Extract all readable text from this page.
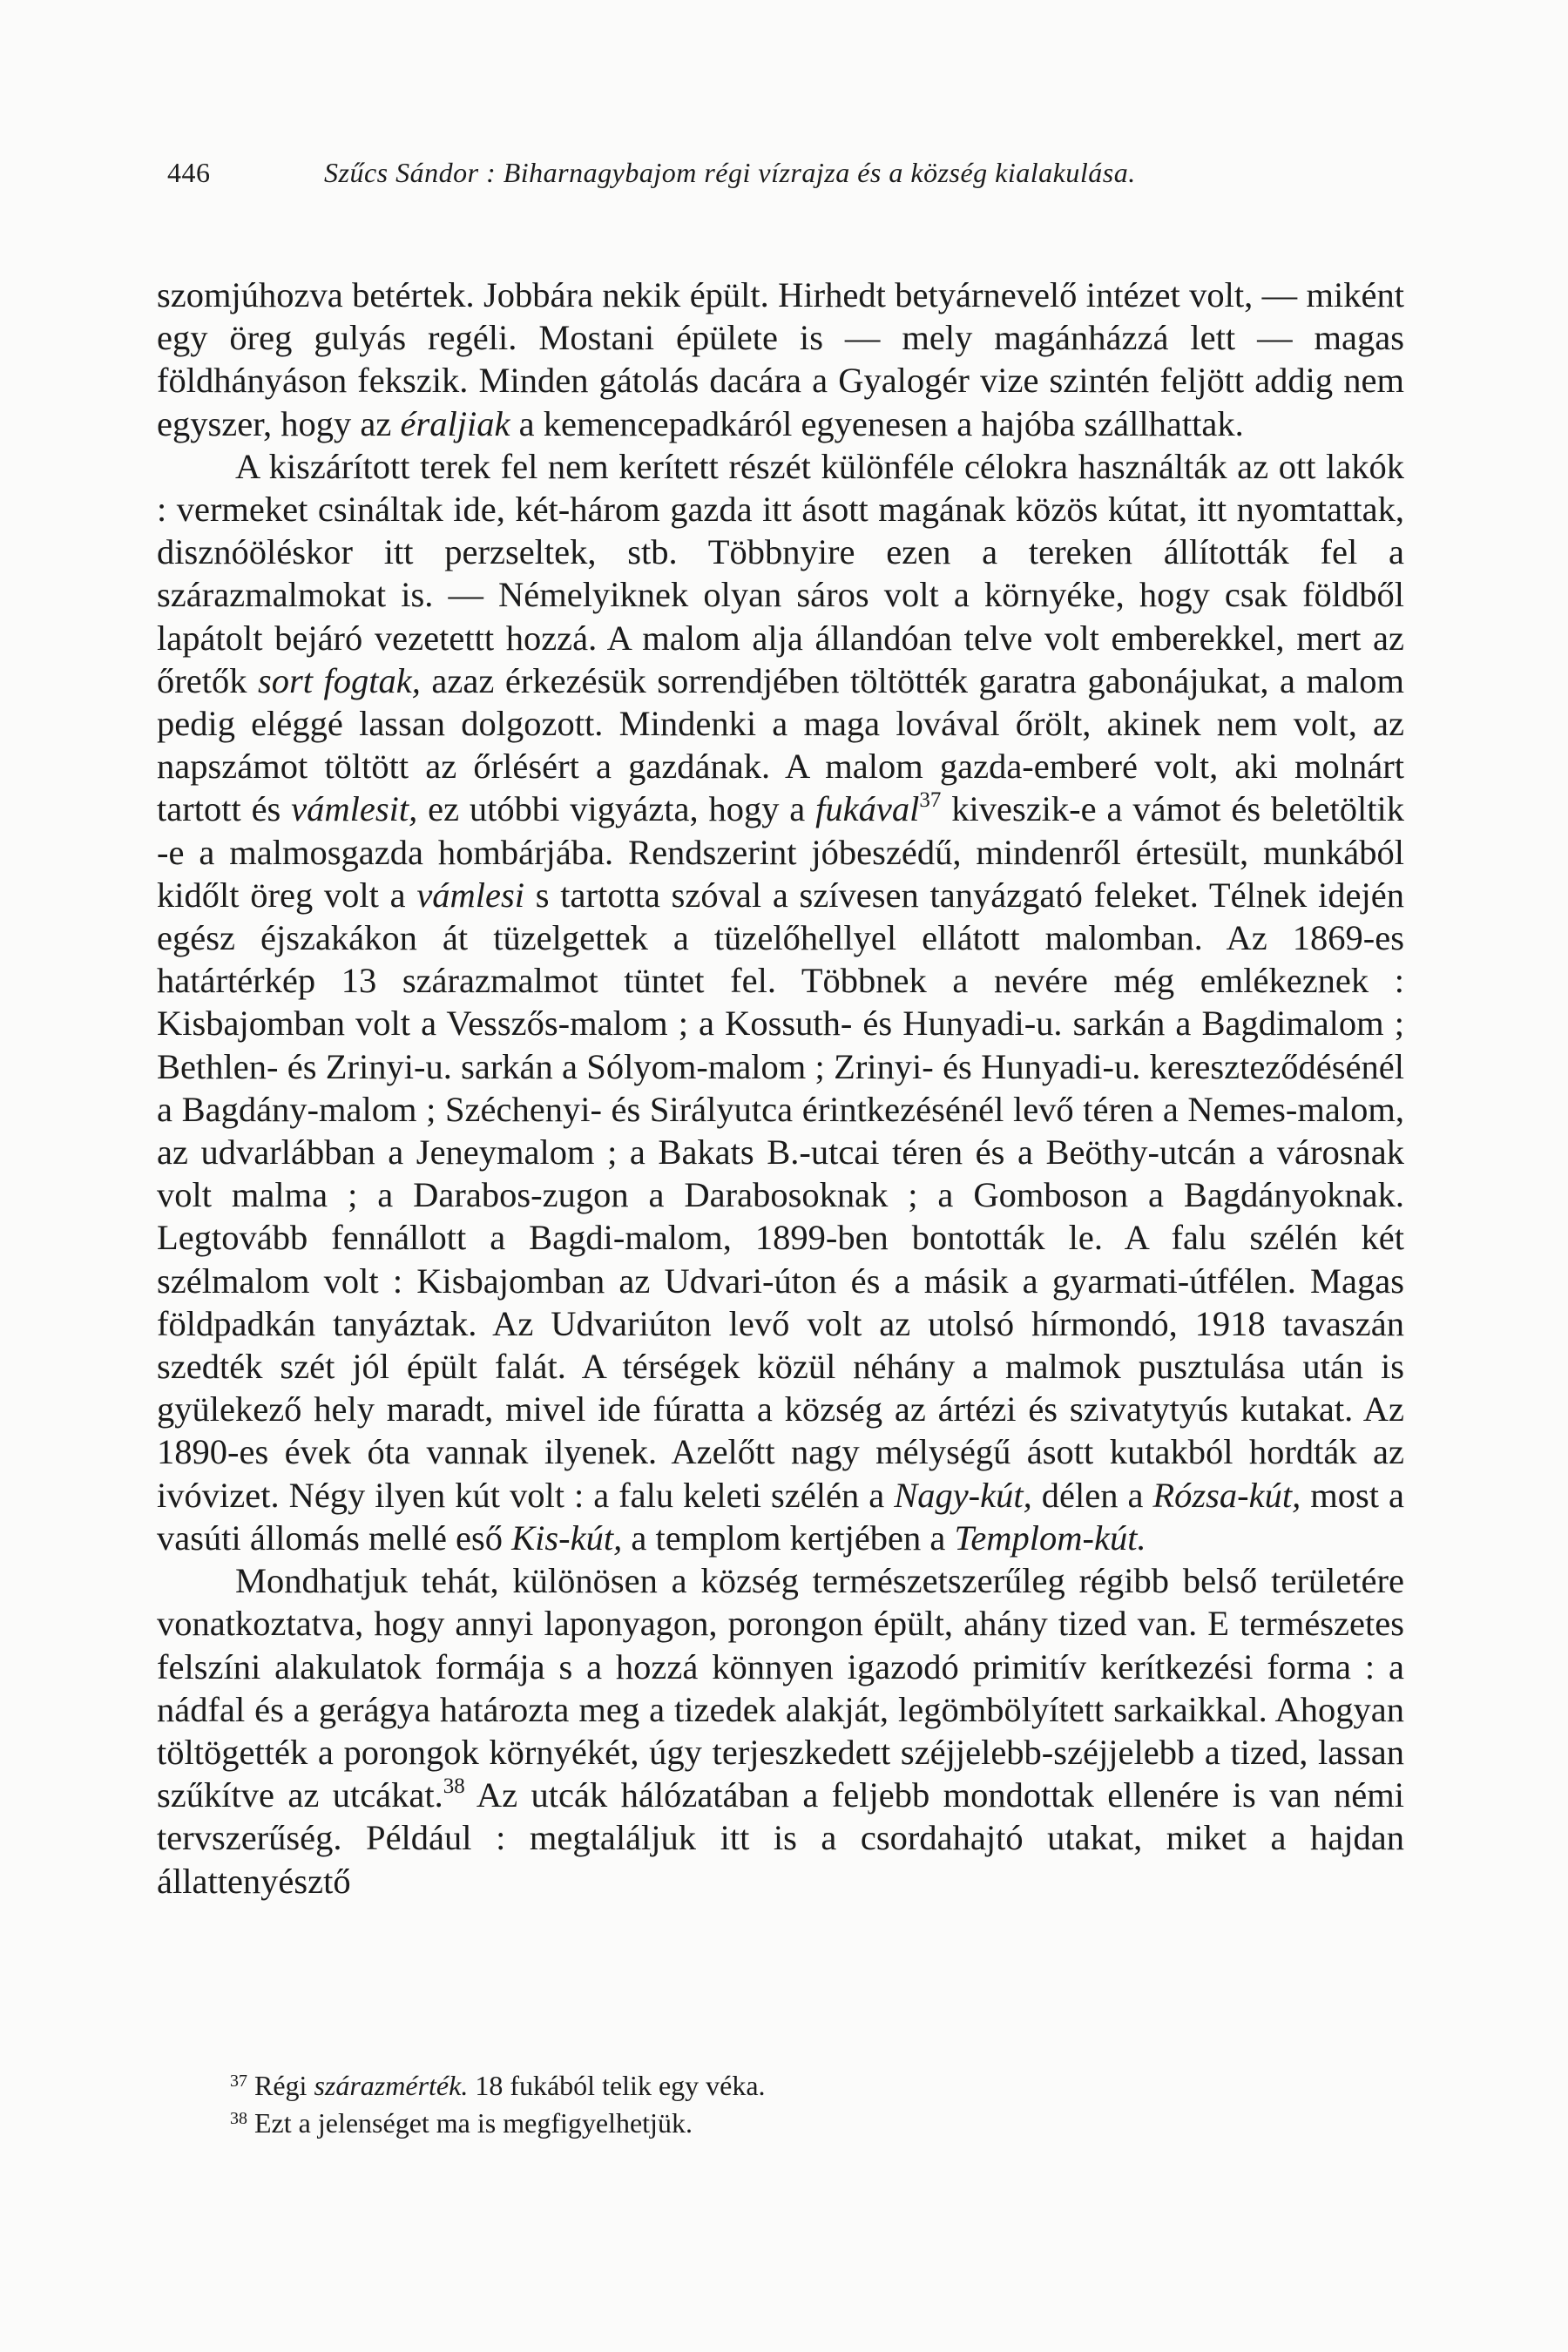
446	Szűcs Sándor : Biharnagybajom régi vízrajza és a község kialakulása.

szomjúhozva betértek. Jobbára nekik épült. Hirhedt betyárnevelő intézet volt, — miként egy öreg gulyás regéli. Mostani épülete is — mely magánházzá lett — magas földhányáson fekszik. Minden gátolás dacára a Gyalogér vize szintén feljött addig nem egyszer, hogy az éraljiak a kemencepadkáról egyenesen a hajóba szállhattak.

A kiszárított terek fel nem kerített részét különféle célokra használták az ott lakók : vermeket csináltak ide, két-három gazda itt ásott magának közös kútat, itt nyomtattak, disznóöléskor itt perzseltek, stb. Többnyire ezen a tereken állították fel a szárazmalmokat is. — Némelyiknek olyan sáros volt a környéke, hogy csak földből lapátolt bejáró vezetettt hozzá. A malom alja állandóan telve volt emberekkel, mert az őretők sort fogtak, azaz érkezésük sorrendjében töltötték garatra gabonájukat, a malom pedig eléggé lassan dolgozott. Mindenki a maga lovával őrölt, akinek nem volt, az napszámot töltött az őrlésért a gazdának. A malom gazda-emberé volt, aki molnárt tartott és vámlesit, ez utóbbi vigyázta, hogy a fukával$^{37}$ kiveszik-e a vámot és beletöltik -e a malmosgazda hombárjába. Rendszerint jóbeszédű, mindenről értesült, munkából kidőlt öreg volt a vámlesi s tartotta szóval a szívesen tanyázgató feleket. Télnek idején egész éjszakákon át tüzelgettek a tüzelőhellyel ellátott malomban. Az 1869-es határtérkép 13 szárazmalmot tüntet fel. Többnek a nevére még emlékeznek : Kisbajomban volt a Vesszős-malom ; a Kossuth- és Hunyadi-u. sarkán a Bagdimalom ; Bethlen- és Zrinyi-u. sarkán a Sólyom-malom ; Zrinyi- és Hunyadi-u. kereszteződésénél a Bagdány-malom ; Széchenyi- és Sirályutca érintkezésénél levő téren a Nemes-malom, az udvarlábban a Jeneymalom ; a Bakats B.-utcai téren és a Beöthy-utcán a városnak volt malma ; a Darabos-zugon a Darabosoknak ; a Gomboson a Bagdányoknak. Legtovább fennállott a Bagdi-malom, 1899-ben bontották le. A falu szélén két szélmalom volt : Kisbajomban az Udvari-úton és a másik a gyarmati-útfélen. Magas földpadkán tanyáztak. Az Udvariúton levő volt az utolsó hírmondó, 1918 tavaszán szedték szét jól épült falát. A térségek közül néhány a malmok pusztulása után is gyülekező hely maradt, mivel ide fúratta a község az ártézi és szivatytyús kutakat. Az 1890-es évek óta vannak ilyenek. Azelőtt nagy mélységű ásott kutakból hordták az ivóvizet. Négy ilyen kút volt : a falu keleti szélén a Nagy-kút, délen a Rózsa-kút, most a vasúti állomás mellé eső Kis-kút, a templom kertjében a Templom-kút.

Mondhatjuk tehát, különösen a község természetszerűleg régibb belső területére vonatkoztatva, hogy annyi laponyagon, porongon épült, ahány tized van. E természetes felszíni alakulatok formája s a hozzá könnyen igazodó primitív kerítkezési forma : a nádfal és a gerágya határozta meg a tizedek alakját, legömbölyített sarkaikkal. Ahogyan töltögették a porongok környékét, úgy terjeszkedett széjjelebb-széjjelebb a tized, lassan szűkítve az utcákat.$^{38}$ Az utcák hálózatában a feljebb mondottak ellenére is van némi tervszerűség. Például : megtaláljuk itt is a csordahajtó utakat, miket a hajdan állattenyésztő

$^{37}$ Régi szárazmérték. 18 fukából telik egy véka.
$^{38}$ Ezt a jelenséget ma is megfigyelhetjük.
